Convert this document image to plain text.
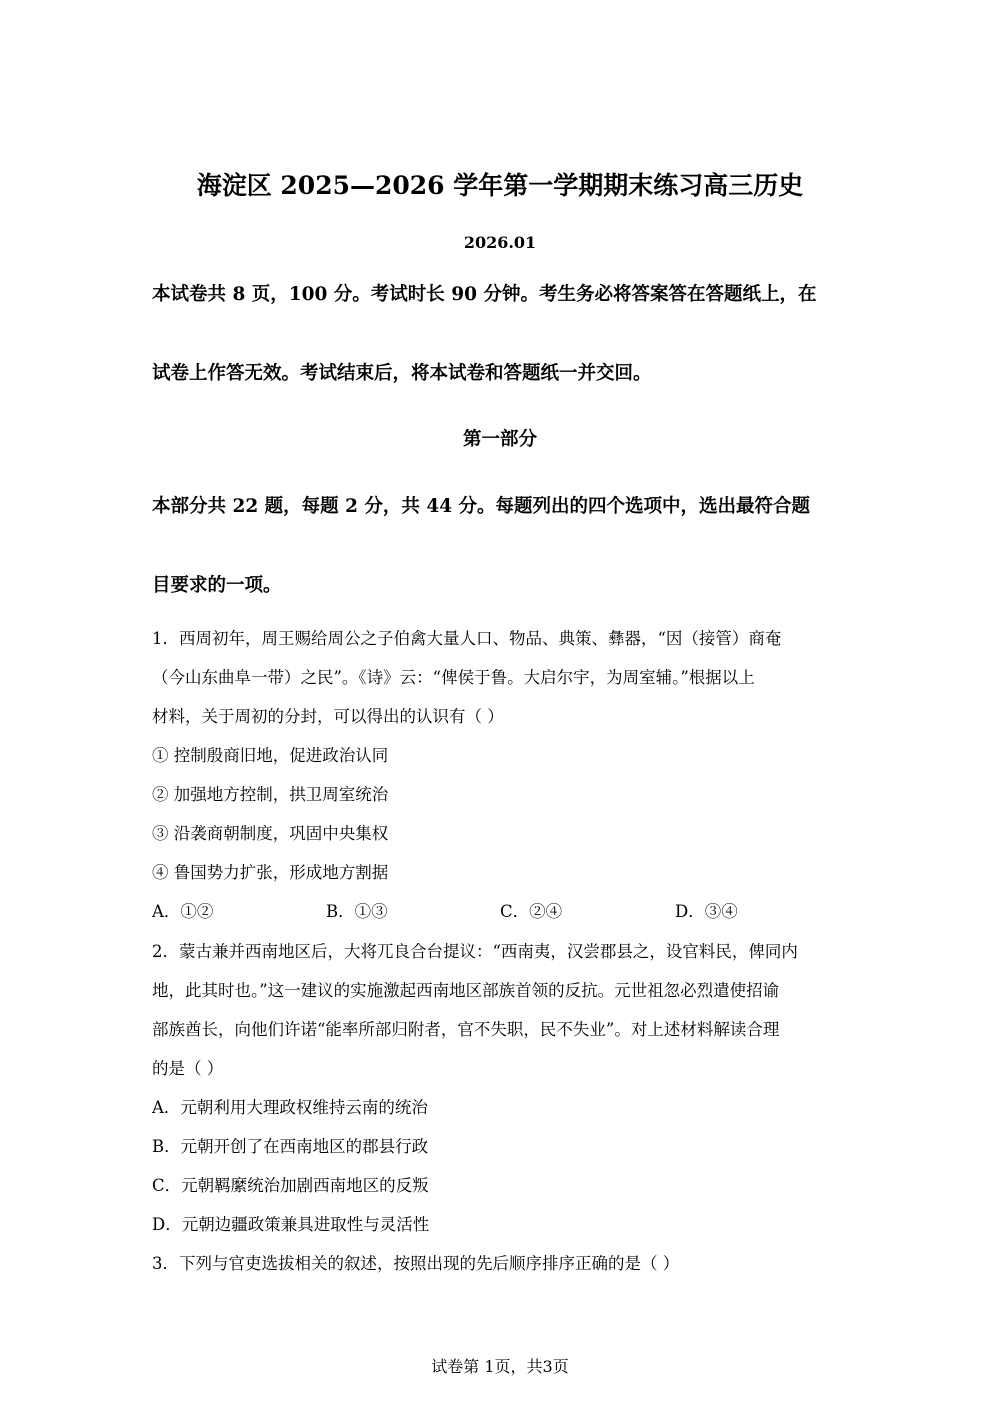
海淀区 2025—2026 学年第一学期期末练习高三历史
2026.01
本试卷共 8 页，100 分。考试时长 90 分钟。考生务必将答案答在答题纸上，在
试卷上作答无效。考试结束后，将本试卷和答题纸一并交回。
第一部分
本部分共 22 题，每题 2 分，共 44 分。每题列出的四个选项中，选出最符合题
目要求的一项。
1．西周初年，周王赐给周公之子伯禽大量人口、物品、典策、彝器，“因（接管）商奄
（今山东曲阜一带）之民”。《诗》云：“俾侯于鲁。大启尔宇，为周室辅。”根据以上
材料，关于周初的分封，可以得出的认识有（ ）
① 控制殷商旧地，促进政治认同
② 加强地方控制，拱卫周室统治
③ 沿袭商朝制度，巩固中央集权
④ 鲁国势力扩张，形成地方割据
A．①②	B．①③	C．②④	D．③④
2．蒙古兼并西南地区后，大将兀良合台提议：“西南夷，汉尝郡县之，设官料民，俾同内
地，此其时也。”这一建议的实施激起西南地区部族首领的反抗。元世祖忽必烈遣使招谕
部族酋长，向他们许诺“能率所部归附者，官不失职，民不失业”。对上述材料解读合理
的是（ ）
A．元朝利用大理政权维持云南的统治
B．元朝开创了在西南地区的郡县行政
C．元朝羁縻统治加剧西南地区的反叛
D．元朝边疆政策兼具进取性与灵活性
3．下列与官吏选拔相关的叙述，按照出现的先后顺序排序正确的是（ ）
试卷第 1页，共3页
